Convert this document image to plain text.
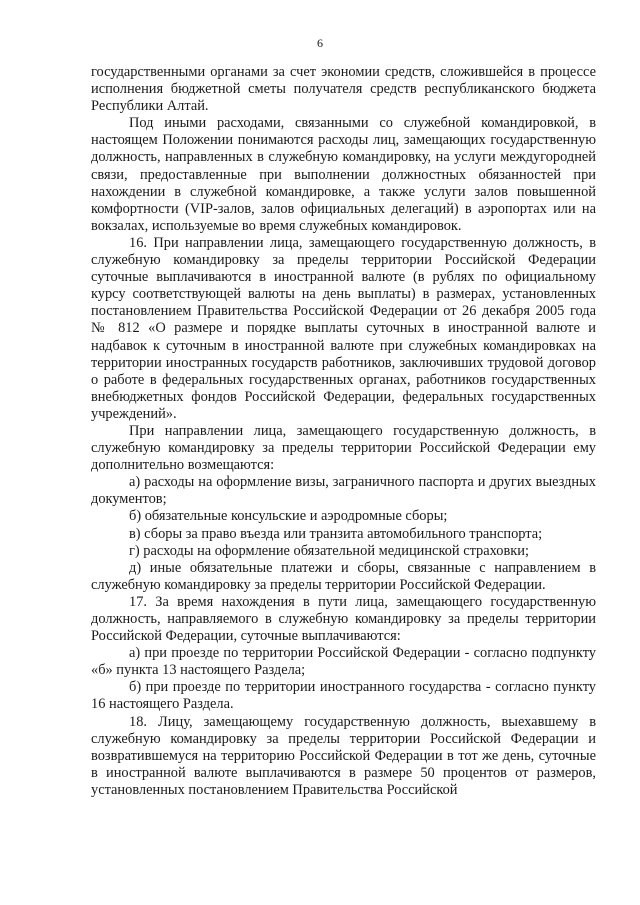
6

государственными органами за счет экономии средств, сложившейся в процессе исполнения бюджетной сметы получателя средств республиканского бюджета Республики Алтай.

Под иными расходами, связанными со служебной командировкой, в настоящем Положении понимаются расходы лиц, замещающих государственную должность, направленных в служебную командировку, на услуги междугородней связи, предоставленные при выполнении должностных обязанностей при нахождении в служебной командировке, а также услуги залов повышенной комфортности (VIP-залов, залов официальных делегаций) в аэропортах или на вокзалах, используемые во время служебных командировок.

16. При направлении лица, замещающего государственную должность, в служебную командировку за пределы территории Российской Федерации суточные выплачиваются в иностранной валюте (в рублях по официальному курсу соответствующей валюты на день выплаты) в размерах, установленных постановлением Правительства Российской Федерации от 26 декабря 2005 года № 812 «О размере и порядке выплаты суточных в иностранной валюте и надбавок к суточным в иностранной валюте при служебных командировках на территории иностранных государств работников, заключивших трудовой договор о работе в федеральных государственных органах, работников государственных внебюджетных фондов Российской Федерации, федеральных государственных учреждений».

При направлении лица, замещающего государственную должность, в служебную командировку за пределы территории Российской Федерации ему дополнительно возмещаются:

а) расходы на оформление визы, заграничного паспорта и других выездных документов;

б) обязательные консульские и аэродромные сборы;

в) сборы за право въезда или транзита автомобильного транспорта;

г) расходы на оформление обязательной медицинской страховки;

д) иные обязательные платежи и сборы, связанные с направлением в служебную командировку за пределы территории Российской Федерации.

17. За время нахождения в пути лица, замещающего государственную должность, направляемого в служебную командировку за пределы территории Российской Федерации, суточные выплачиваются:

а) при проезде по территории Российской Федерации - согласно подпункту «б» пункта 13 настоящего Раздела;

б) при проезде по территории иностранного государства - согласно пункту 16 настоящего Раздела.

18. Лицу, замещающему государственную должность, выехавшему в служебную командировку за пределы территории Российской Федерации и возвратившемуся на территорию Российской Федерации в тот же день, суточные в иностранной валюте выплачиваются в размере 50 процентов от размеров, установленных постановлением Правительства Российской
